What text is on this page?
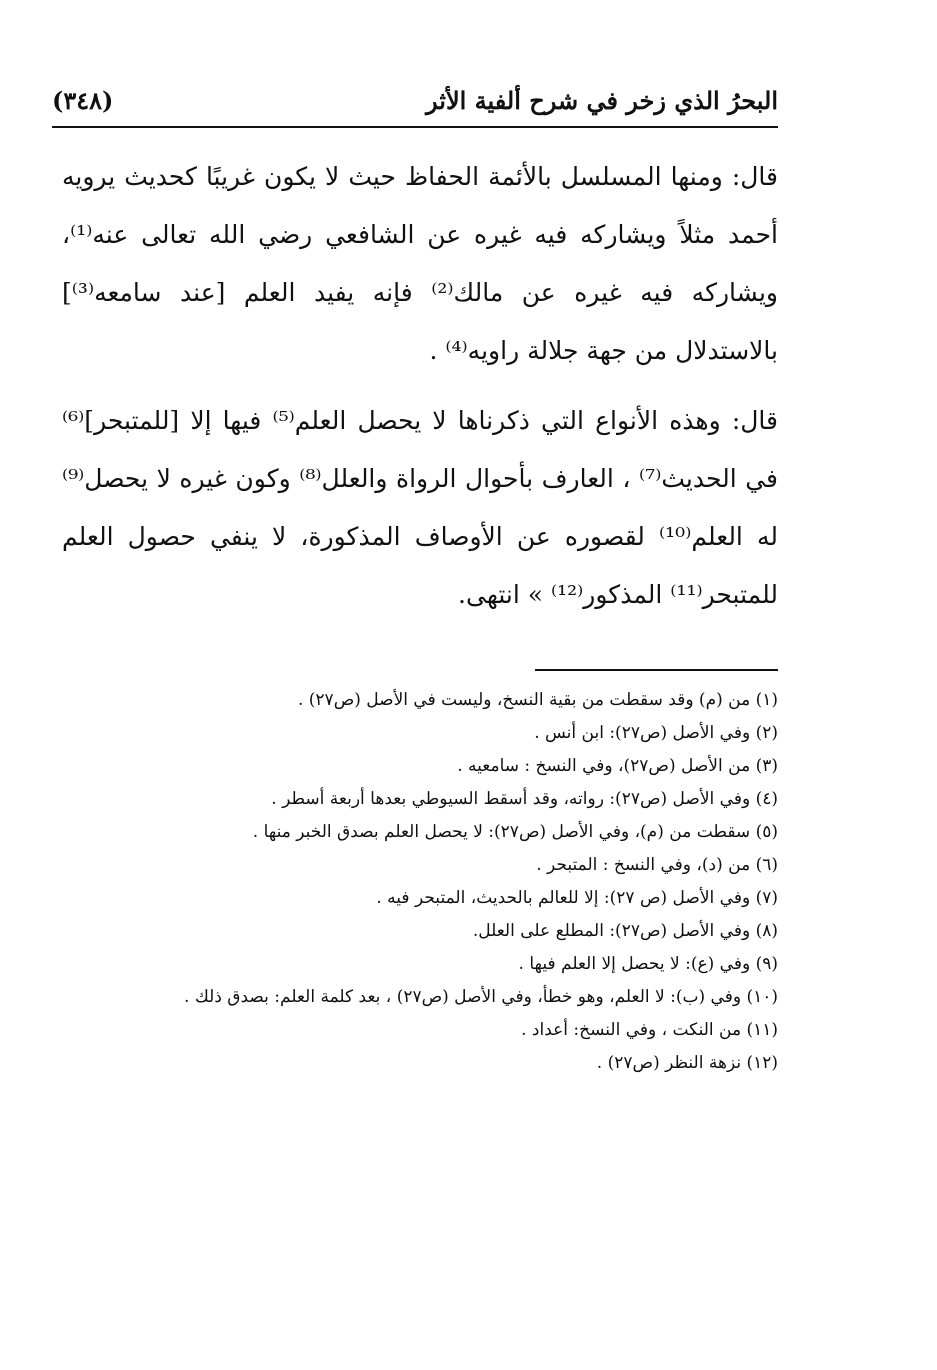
البحرُ الذي زخر في شرح ألفية الأثر
(٣٤٨)

قال: ومنها المسلسل بالأئمة الحفاظ حيث لا يكون غريبًا كحديث يرويه أحمد مثلاً ويشاركه فيه غيره عن الشافعي رضي الله تعالى عنه⁽¹⁾، ويشاركه فيه غيره عن مالك⁽²⁾ فإنه يفيد العلم [عند سامعه⁽³⁾] بالاستدلال من جهة جلالة راويه⁽⁴⁾ .

قال: وهذه الأنواع التي ذكرناها لا يحصل العلم⁽⁵⁾ فيها إلا [للمتبحر]⁽⁶⁾ في الحديث⁽⁷⁾ ، العارف بأحوال الرواة والعلل⁽⁸⁾ وكون غيره لا يحصل⁽⁹⁾ له العلم⁽¹⁰⁾ لقصوره عن الأوصاف المذكورة، لا ينفي حصول العلم للمتبحر⁽¹¹⁾ المذكور⁽¹²⁾ » انتهى.

(١) من (م) وقد سقطت من بقية النسخ، وليست في الأصل (ص٢٧) .
(٢) وفي الأصل (ص٢٧): ابن أنس .
(٣) من الأصل (ص٢٧)، وفي النسخ : سامعيه .
(٤) وفي الأصل (ص٢٧): رواته، وقد أسقط السيوطي بعدها أربعة أسطر .
(٥) سقطت من (م)، وفي الأصل (ص٢٧): لا يحصل العلم بصدق الخبر منها .
(٦) من (د)، وفي النسخ : المتبحر .
(٧) وفي الأصل (ص ٢٧): إلا للعالم بالحديث، المتبحر فيه .
(٨) وفي الأصل (ص٢٧): المطلع على العلل.
(٩) وفي (ع): لا يحصل إلا العلم فيها .
(١٠) وفي (ب): لا العلم، وهو خطأ، وفي الأصل (ص٢٧) ، بعد كلمة العلم: بصدق ذلك .
(١١) من النكت ، وفي النسخ: أعداد .
(١٢) نزهة النظر (ص٢٧) .
